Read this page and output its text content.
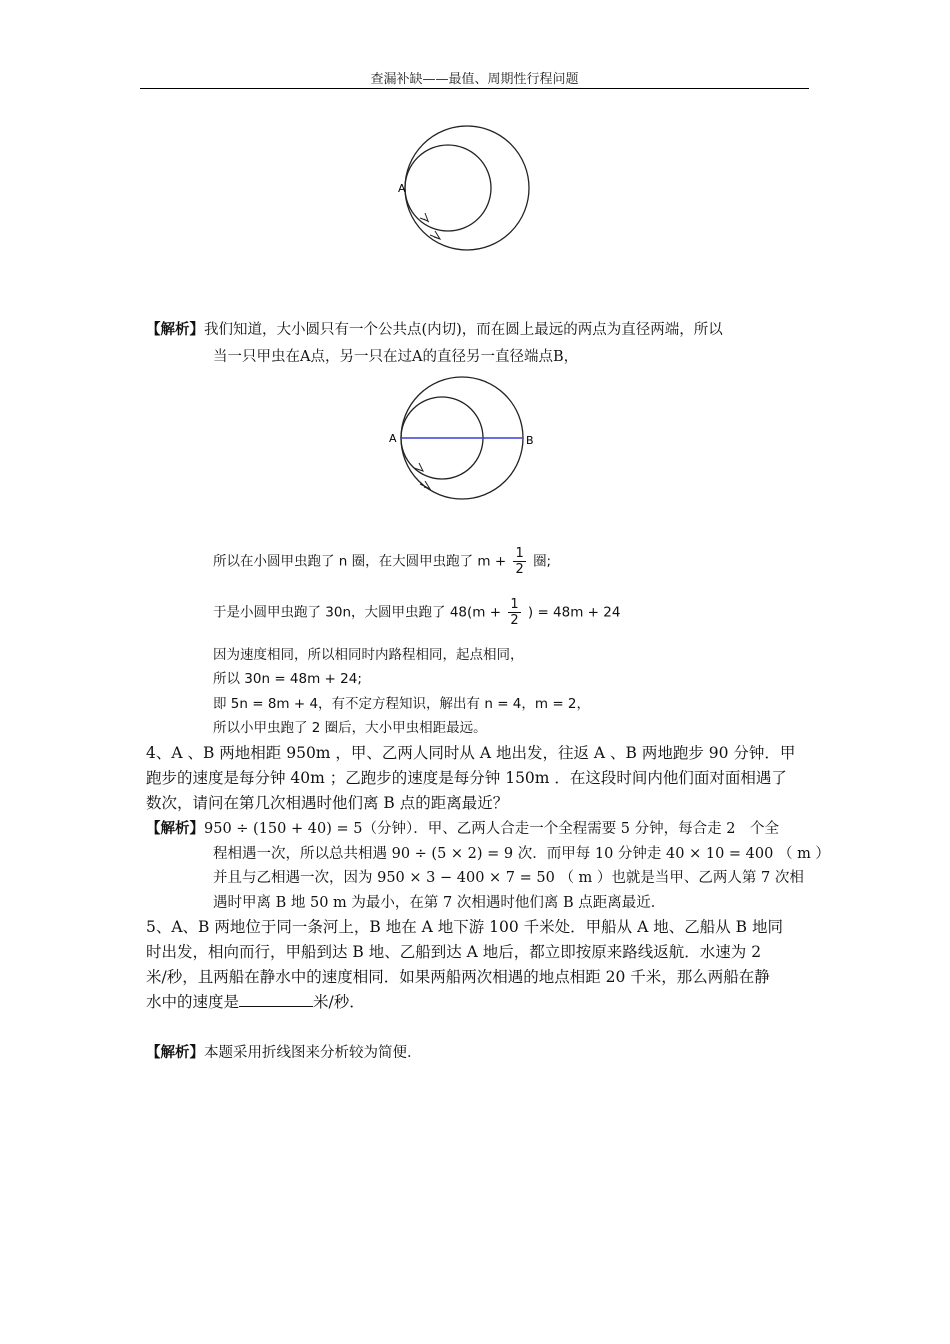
查漏补缺——最值、周期性行程问题
A
【解析】我们知道，大小圆只有一个公共点(内切)，而在圆上最远的两点为直径两端，所以
当一只甲虫在A点，另一只在过A的直径另一直径端点B，
A	B
所以在小圆甲虫跑了 n 圈，在大圆甲虫跑了 $m + \frac{1}{2}$ 圈;
于是小圆甲虫跑了 30n，大圆甲虫跑了 $48(m + \frac{1}{2}$ ) = 48m + 24
因为速度相同，所以相同时内路程相同，起点相同，
所以 30n = 48m + 24;
即 5n = 8m + 4，有不定方程知识，解出有 n = 4，m = 2，
所以小甲虫跑了 2 圈后，大小甲虫相距最远。
4、A 、B 两地相距 950m ，甲、乙两人同时从 A 地出发，往返 A 、B 两地跑步 90 分钟．甲
跑步的速度是每分钟 40m ；乙跑步的速度是每分钟 150m ．在这段时间内他们面对面相遇了
数次，请问在第几次相遇时他们离 B 点的距离最近？
【解析】950 ÷ (150 + 40) = 5（分钟）．甲、乙两人合走一个全程需要 5 分钟，每合走 2　个全
程相遇一次，所以总共相遇 90 ÷ (5 × 2) = 9 次．而甲每 10 分钟走 40 × 10 = 400 （ m ）
并且与乙相遇一次，因为 950 × 3 − 400 × 7 = 50 （ m ）也就是当甲、乙两人第 7 次相
遇时甲离 B 地 50 m 为最小，在第 7 次相遇时他们离 B 点距离最近．
5、A、B 两地位于同一条河上，B 地在 A 地下游 100 千米处．甲船从 A 地、乙船从 B 地同
时出发，相向而行，甲船到达 B 地、乙船到达 A 地后，都立即按原来路线返航．水速为 2
米/秒，且两船在静水中的速度相同．如果两船两次相遇的地点相距 20 千米，那么两船在静
水中的速度是	米/秒．
【解析】本题采用折线图来分析较为简便．
